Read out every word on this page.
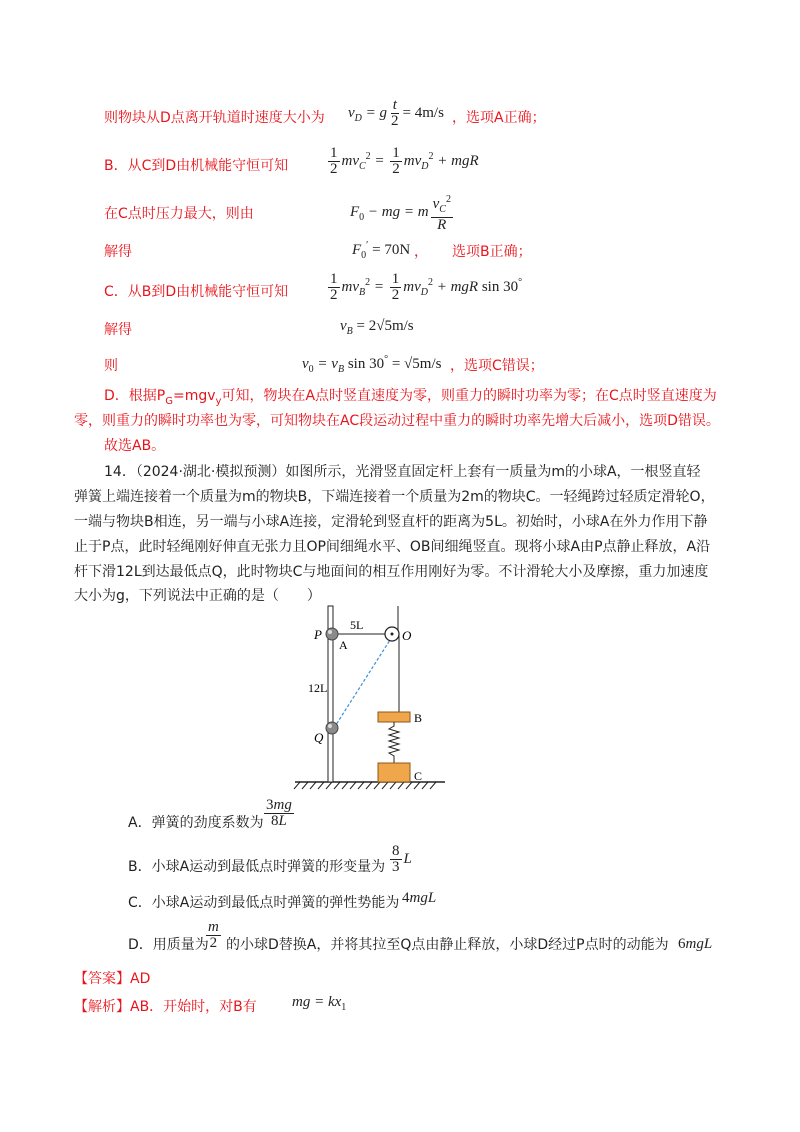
则物块从D点离开轨道时速度大小为 $v_D = g \frac{t}{2} = 4m/s$ ，选项A正确；
B．从C到D由机械能守恒可知	$\frac{1}{2} mv_C^2 = \frac{1}{2} mv_D^2$ + mgR
在C点时压力最大，则由	$F_0$ − mg = m $\frac{v_C^2}{R}$
解得	$F_0' = 70N$ ， 选项B正确；
C．从B到D由机械能守恒可知	$\frac{1}{2} mv_B^2 = \frac{1}{2} mv_D^2$ + mgR sin 30°
解得	$v_B = 2√5m/s$
则	$v_0 = v_B$ sin 30° = √5m/s ，选项C错误；
D．根据$P_G=mgv_y$可知，物块在A点时竖直速度为零，则重力的瞬时功率为零；在C点时竖直速度为
零，则重力的瞬时功率也为零，可知物块在AC段运动过程中重力的瞬时功率先增大后减小，选项D错误。
故选AB。
14．（2024·湖北·模拟预测）如图所示，光滑竖直固定杆上套有一质量为m的小球A，一根竖直轻
弹簧上端连接着一个质量为m的物块B，下端连接着一个质量为2m的物块C。一轻绳跨过轻质定滑轮O，
一端与物块B相连，另一端与小球A连接，定滑轮到竖直杆的距离为5L。初始时，小球A在外力作用下静
止于P点，此时轻绳刚好伸直无张力且OP间细绳水平、OB间细绳竖直。现将小球A由P点静止释放，A沿
杆下滑12L到达最低点Q，此时物块C与地面间的相互作用刚好为零。不计滑轮大小及摩擦，重力加速度
大小为g，下列说法中正确的是（　　）
P
A
5L
O
12L
Q
B
C
A．弹簧的劲度系数为 $\frac{3mg}{8L}$
B．小球A运动到最低点时弹簧的形变量为 $\frac{8}{3}$ L
C．小球A运动到最低点时弹簧的弹性势能为 4mgL
D．用质量为
$\frac{m}{2}$ 的小球D替换A，并将其拉至Q点由静止释放，小球D经过P点时的动能为 6mgL
【答案】AD
【解析】AB．开始时，对B有 mg = $kx_1$
